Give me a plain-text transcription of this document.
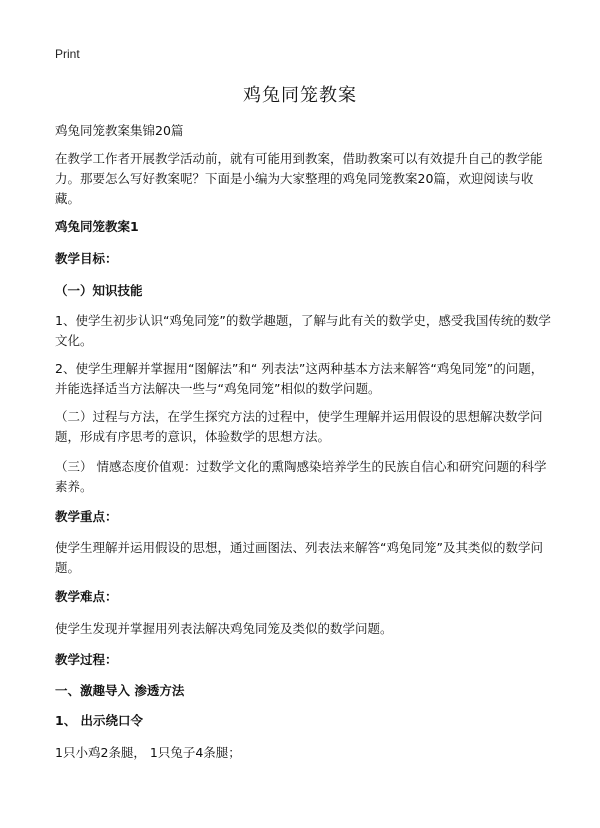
Print
鸡兔同笼教案

鸡兔同笼教案集锦20篇

在教学工作者开展教学活动前，就有可能用到教案，借助教案可以有效提升自己的教学能力。那要怎么写好教案呢？下面是小编为大家整理的鸡兔同笼教案20篇，欢迎阅读与收藏。

鸡兔同笼教案1

教学目标：

（一）知识技能

1、使学生初步认识“鸡兔同笼”的数学趣题，了解与此有关的数学史，感受我国传统的数学文化。

2、使学生理解并掌握用“图解法”和“ 列表法”这两种基本方法来解答“鸡兔同笼”的问题，并能选择适当方法解决一些与“鸡兔同笼”相似的数学问题。

（二）过程与方法，在学生探究方法的过程中，使学生理解并运用假设的思想解决数学问题，形成有序思考的意识，体验数学的思想方法。

（三） 情感态度价值观：过数学文化的熏陶感染培养学生的民族自信心和研究问题的科学素养。

教学重点：

使学生理解并运用假设的思想，通过画图法、列表法来解答“鸡兔同笼”及其类似的数学问题。

教学难点：

使学生发现并掌握用列表法解决鸡兔同笼及类似的数学问题。

教学过程：

一、激趣导入 渗透方法

1、 出示绕口令

1只小鸡2条腿， 1只兔子4条腿；
